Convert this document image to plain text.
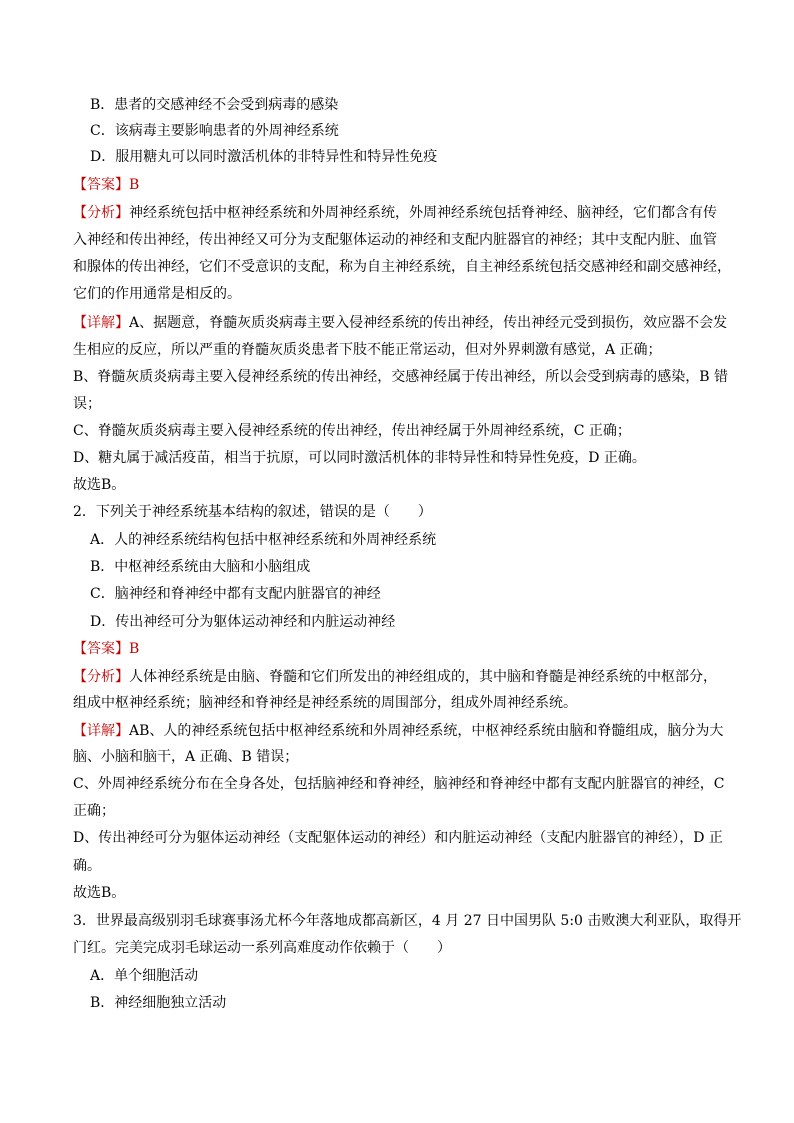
B．患者的交感神经不会受到病毒的感染
C．该病毒主要影响患者的外周神经系统
D．服用糖丸可以同时激活机体的非特异性和特异性免疫
【答案】B
【分析】神经系统包括中枢神经系统和外周神经系统，外周神经系统包括脊神经、脑神经，它们都含有传
入神经和传出神经，传出神经又可分为支配躯体运动的神经和支配内脏器官的神经；其中支配内脏、血管
和腺体的传出神经，它们不受意识的支配，称为自主神经系统，自主神经系统包括交感神经和副交感神经，
它们的作用通常是相反的。
【详解】A、据题意，脊髓灰质炎病毒主要入侵神经系统的传出神经，传出神经元受到损伤，效应器不会发
生相应的反应，所以严重的脊髓灰质炎患者下肢不能正常运动，但对外界刺激有感觉，A 正确；
B、脊髓灰质炎病毒主要入侵神经系统的传出神经，交感神经属于传出神经，所以会受到病毒的感染，B 错
误；
C、脊髓灰质炎病毒主要入侵神经系统的传出神经，传出神经属于外周神经系统，C 正确；
D、糖丸属于减活疫苗，相当于抗原，可以同时激活机体的非特异性和特异性免疫，D 正确。
故选B。
2．下列关于神经系统基本结构的叙述，错误的是（　　）
A．人的神经系统结构包括中枢神经系统和外周神经系统
B．中枢神经系统由大脑和小脑组成
C．脑神经和脊神经中都有支配内脏器官的神经
D．传出神经可分为躯体运动神经和内脏运动神经
【答案】B
【分析】人体神经系统是由脑、脊髓和它们所发出的神经组成的，其中脑和脊髓是神经系统的中枢部分，
组成中枢神经系统；脑神经和脊神经是神经系统的周围部分，组成外周神经系统。
【详解】AB、人的神经系统包括中枢神经系统和外周神经系统，中枢神经系统由脑和脊髓组成，脑分为大
脑、小脑和脑干，A 正确、B 错误；
C、外周神经系统分布在全身各处，包括脑神经和脊神经，脑神经和脊神经中都有支配内脏器官的神经，C
正确；
D、传出神经可分为躯体运动神经（支配躯体运动的神经）和内脏运动神经（支配内脏器官的神经），D 正
确。
故选B。
3．世界最高级别羽毛球赛事汤尤杯今年落地成都高新区，4 月 27 日中国男队 5:0 击败澳大利亚队，取得开
门红。完美完成羽毛球运动一系列高难度动作依赖于（　　）
A．单个细胞活动
B．神经细胞独立活动
